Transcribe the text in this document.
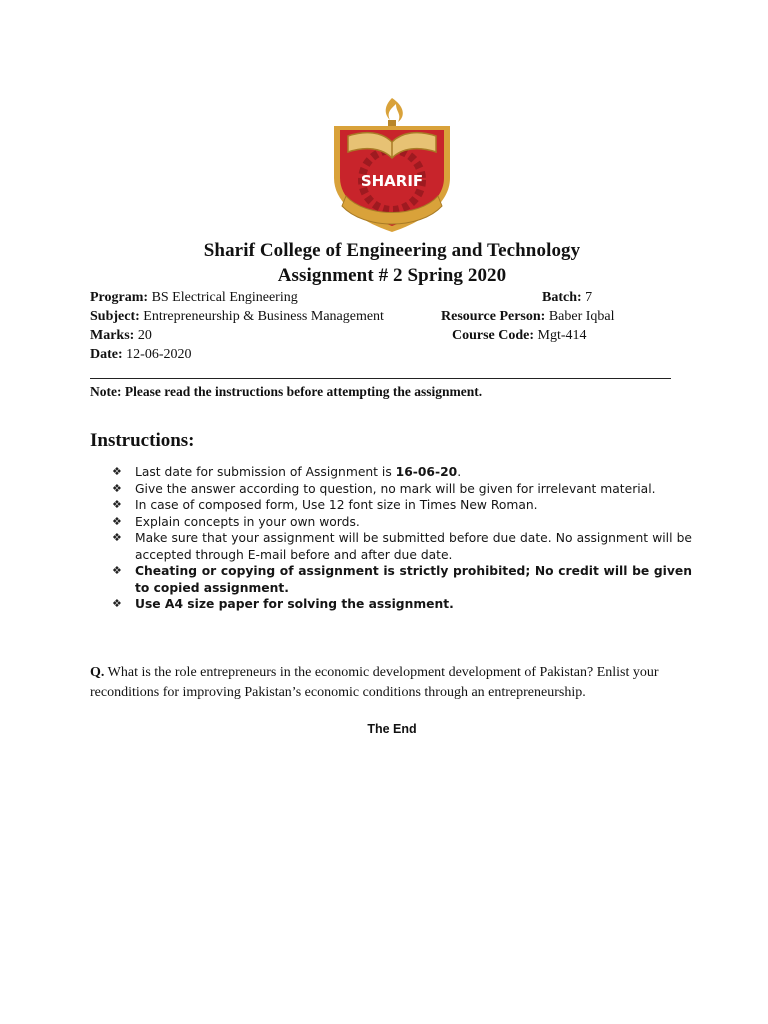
SHARIF
Sharif College of Engineering and Technology
Assignment # 2 Spring 2020
Program: BS Electrical Engineering	Batch: 7
Subject: Entrepreneurship & Business Management	Resource Person: Baber Iqbal
Marks: 20	Course Code: Mgt-414
Date: 12-06-2020
Note: Please read the instructions before attempting the assignment.
Instructions:
❖ Last date for submission of Assignment is 16-06-20.
❖ Give the answer according to question, no mark will be given for irrelevant material.
❖ In case of composed form, Use 12 font size in Times New Roman.
❖ Explain concepts in your own words.
❖ Make sure that your assignment will be submitted before due date. No assignment will be accepted through E-mail before and after due date.
❖ Cheating or copying of assignment is strictly prohibited; No credit will be given to copied assignment.
❖ Use A4 size paper for solving the assignment.
Q. What is the role entrepreneurs in the economic development development of Pakistan? Enlist your reconditions for improving Pakistan’s economic conditions through an entrepreneurship.
The End
